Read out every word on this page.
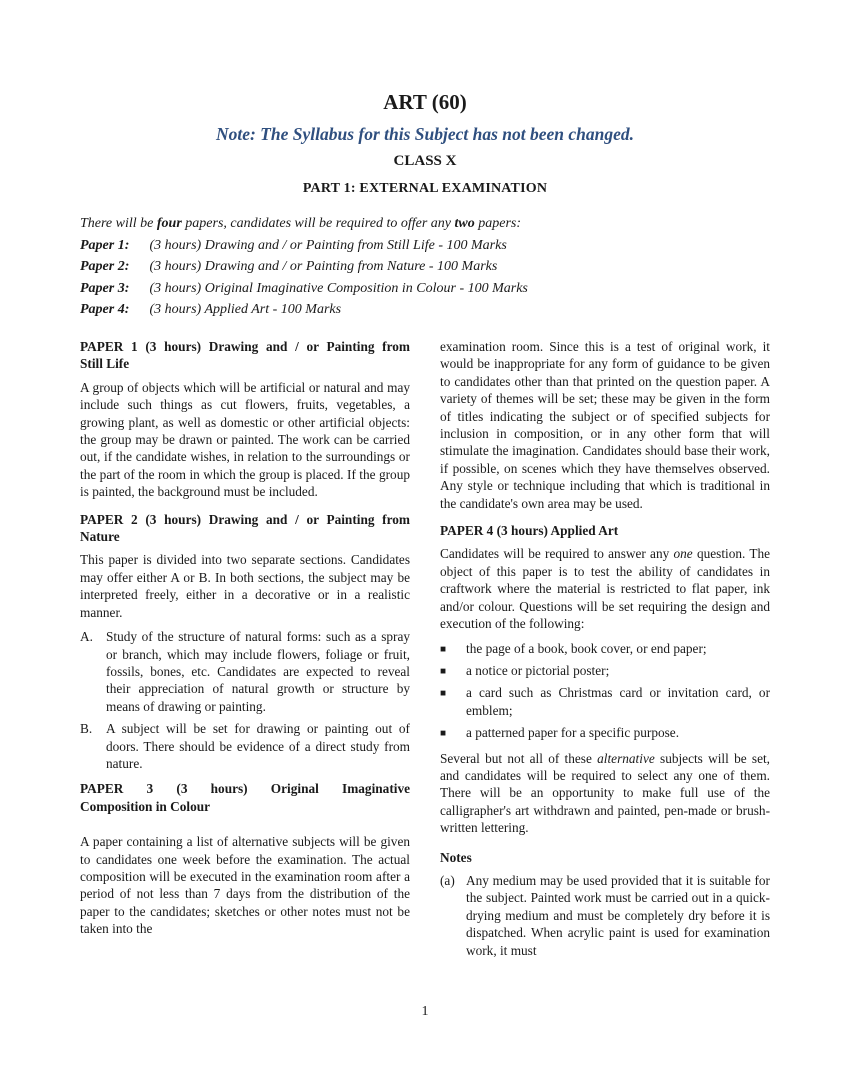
ART (60)
Note: The Syllabus for this Subject has not been changed.
CLASS X
PART 1: EXTERNAL EXAMINATION
There will be four papers, candidates will be required to offer any two papers:
Paper 1: (3 hours) Drawing and / or Painting from Still Life - 100 Marks
Paper 2: (3 hours) Drawing and / or Painting from Nature - 100 Marks
Paper 3: (3 hours) Original Imaginative Composition in Colour - 100 Marks
Paper 4: (3 hours) Applied Art - 100 Marks
PAPER 1 (3 hours) Drawing and / or Painting from
Still Life
A group of objects which will be artificial or natural and may include such things as cut flowers, fruits, vegetables, a growing plant, as well as domestic or other artificial objects: the group may be drawn or painted. The work can be carried out, if the candidate wishes, in relation to the surroundings or the part of the room in which the group is placed. If the group is painted, the background must be included.
PAPER 2 (3 hours) Drawing and / or Painting from
Nature
This paper is divided into two separate sections. Candidates may offer either A or B. In both sections, the subject may be interpreted freely, either in a decorative or in a realistic manner.
A. Study of the structure of natural forms: such as a spray or branch, which may include flowers, foliage or fruit, fossils, bones, etc. Candidates are expected to reveal their appreciation of natural growth or structure by means of drawing or painting.
B. A subject will be set for drawing or painting out of doors. There should be evidence of a direct study from nature.
PAPER 3 (3 hours) Original Imaginative
Composition in Colour
A paper containing a list of alternative subjects will be given to candidates one week before the examination. The actual composition will be executed in the examination room after a period of not less than 7 days from the distribution of the paper to the candidates; sketches or other notes must not be taken into the
examination room. Since this is a test of original work, it would be inappropriate for any form of guidance to be given to candidates other than that printed on the question paper. A variety of themes will be set; these may be given in the form of titles indicating the subject or of specified subjects for inclusion in composition, or in any other form that will stimulate the imagination. Candidates should base their work, if possible, on scenes which they have themselves observed. Any style or technique including that which is traditional in the candidate's own area may be used.
PAPER 4 (3 hours) Applied Art
Candidates will be required to answer any one question. The object of this paper is to test the ability of candidates in craftwork where the material is restricted to flat paper, ink and/or colour. Questions will be set requiring the design and execution of the following:
■ the page of a book, book cover, or end paper;
■ a notice or pictorial poster;
■ a card such as Christmas card or invitation card, or emblem;
■ a patterned paper for a specific purpose.
Several but not all of these alternative subjects will be set, and candidates will be required to select any one of them. There will be an opportunity to make full use of the calligrapher's art withdrawn and painted, pen-made or brush-written lettering.
Notes
(a) Any medium may be used provided that it is suitable for the subject. Painted work must be carried out in a quick-drying medium and must be completely dry before it is dispatched. When acrylic paint is used for examination work, it must
1
